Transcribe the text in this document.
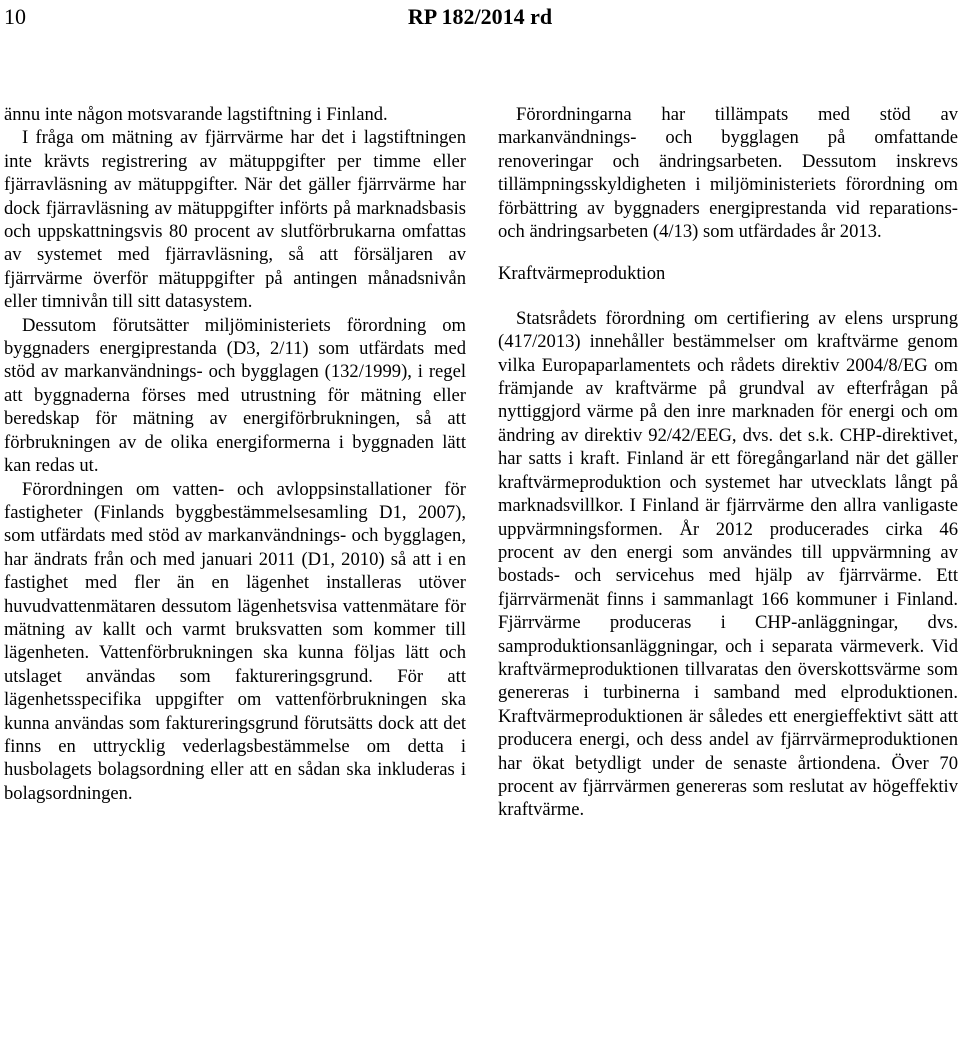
10	RP 182/2014 rd

ännu inte någon motsvarande lagstiftning i Finland.

I fråga om mätning av fjärrvärme har det i lagstiftningen inte krävts registrering av mätuppgifter per timme eller fjärravläsning av mätuppgifter. När det gäller fjärrvärme har dock fjärravläsning av mätuppgifter införts på marknadsbasis och uppskattningsvis 80 procent av slutförbrukarna omfattas av systemet med fjärravläsning, så att försäljaren av fjärrvärme överför mätuppgifter på antingen månadsnivån eller timnivån till sitt datasystem.

Dessutom förutsätter miljöministeriets förordning om byggnaders energiprestanda (D3, 2/11) som utfärdats med stöd av markanvändnings- och bygglagen (132/1999), i regel att byggnaderna förses med utrustning för mätning eller beredskap för mätning av energiförbrukningen, så att förbrukningen av de olika energiformerna i byggnaden lätt kan redas ut.

Förordningen om vatten- och avloppsinstallationer för fastigheter (Finlands byggbestämmelsesamling D1, 2007), som utfärdats med stöd av markanvändnings- och bygglagen, har ändrats från och med januari 2011 (D1, 2010) så att i en fastighet med fler än en lägenhet installeras utöver huvudvattenmätaren dessutom lägenhetsvisa vattenmätare för mätning av kallt och varmt bruksvatten som kommer till lägenheten. Vattenförbrukningen ska kunna följas lätt och utslaget användas som faktureringsgrund. För att lägenhetsspecifika uppgifter om vattenförbrukningen ska kunna användas som faktureringsgrund förutsätts dock att det finns en uttrycklig vederlagsbestämmelse om detta i husbolagets bolagsordning eller att en sådan ska inkluderas i bolagsordningen.

Förordningarna har tillämpats med stöd av markanvändnings- och bygglagen på omfattande renoveringar och ändringsarbeten. Dessutom inskrevs tillämpningsskyldigheten i miljöministeriets förordning om förbättring av byggnaders energiprestanda vid reparations- och ändringsarbeten (4/13) som utfärdades år 2013.

Kraftvärmeproduktion

Statsrådets förordning om certifiering av elens ursprung (417/2013) innehåller bestämmelser om kraftvärme genom vilka Europaparlamentets och rådets direktiv 2004/8/EG om främjande av kraftvärme på grundval av efterfrågan på nyttiggjord värme på den inre marknaden för energi och om ändring av direktiv 92/42/EEG, dvs. det s.k. CHP-direktivet, har satts i kraft. Finland är ett föregångarland när det gäller kraftvärmeproduktion och systemet har utvecklats långt på marknadsvillkor. I Finland är fjärrvärme den allra vanligaste uppvärmningsformen. År 2012 producerades cirka 46 procent av den energi som användes till uppvärmning av bostads- och servicehus med hjälp av fjärrvärme. Ett fjärrvärmenät finns i sammanlagt 166 kommuner i Finland. Fjärrvärme produceras i CHP-anläggningar, dvs. samproduktionsanläggningar, och i separata värmeverk. Vid kraftvärmeproduktionen tillvaratas den överskottsvärme som genereras i turbinerna i samband med elproduktionen. Kraftvärmeproduktionen är således ett energieffektivt sätt att producera energi, och dess andel av fjärrvärmeproduktionen har ökat betydligt under de senaste årtiondena. Över 70 procent av fjärrvärmen genereras som reslutat av högeffektiv kraftvärme.
